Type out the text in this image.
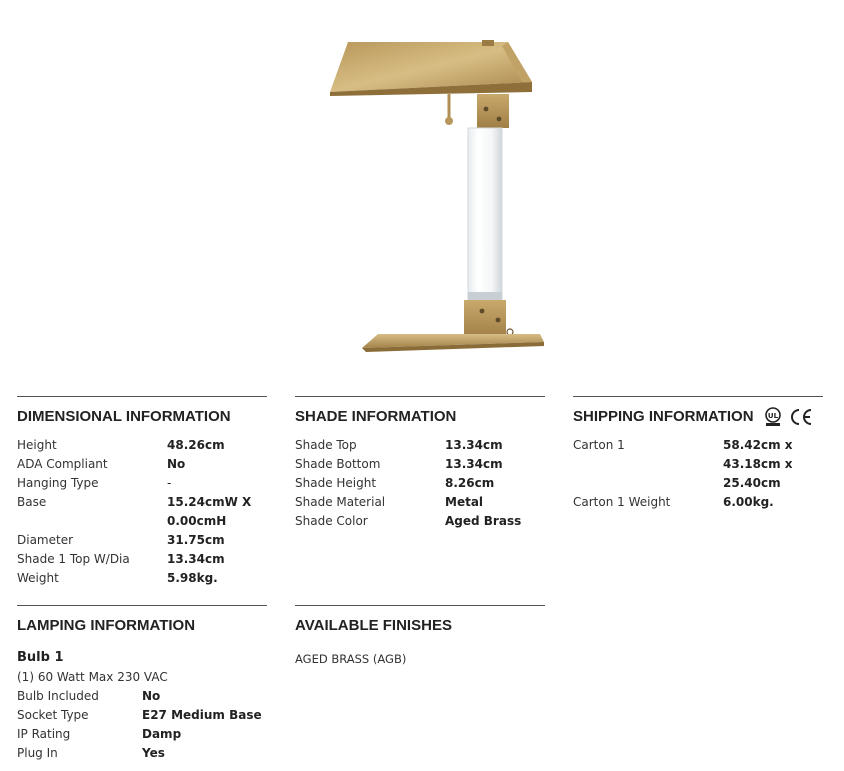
DIMENSIONAL INFORMATION
Height	48.26cm
ADA Compliant	No
Hanging Type	-
Base	15.24cmW X 0.00cmH
Diameter	31.75cm
Shade 1 Top W/Dia	13.34cm
Weight	5.98kg.
SHADE INFORMATION
Shade Top	13.34cm
Shade Bottom	13.34cm
Shade Height	8.26cm
Shade Material	Metal
Shade Color	Aged Brass
SHIPPING INFORMATION UL
Carton 1	58.42cm x 43.18cm x 25.40cm
Carton 1 Weight	6.00kg.
LAMPING INFORMATION
Bulb 1
(1) 60 Watt Max 230 VAC
Bulb Included	No
Socket Type	E27 Medium Base
IP Rating	Damp
Plug In	Yes
AVAILABLE FINISHES
AGED BRASS (AGB)
